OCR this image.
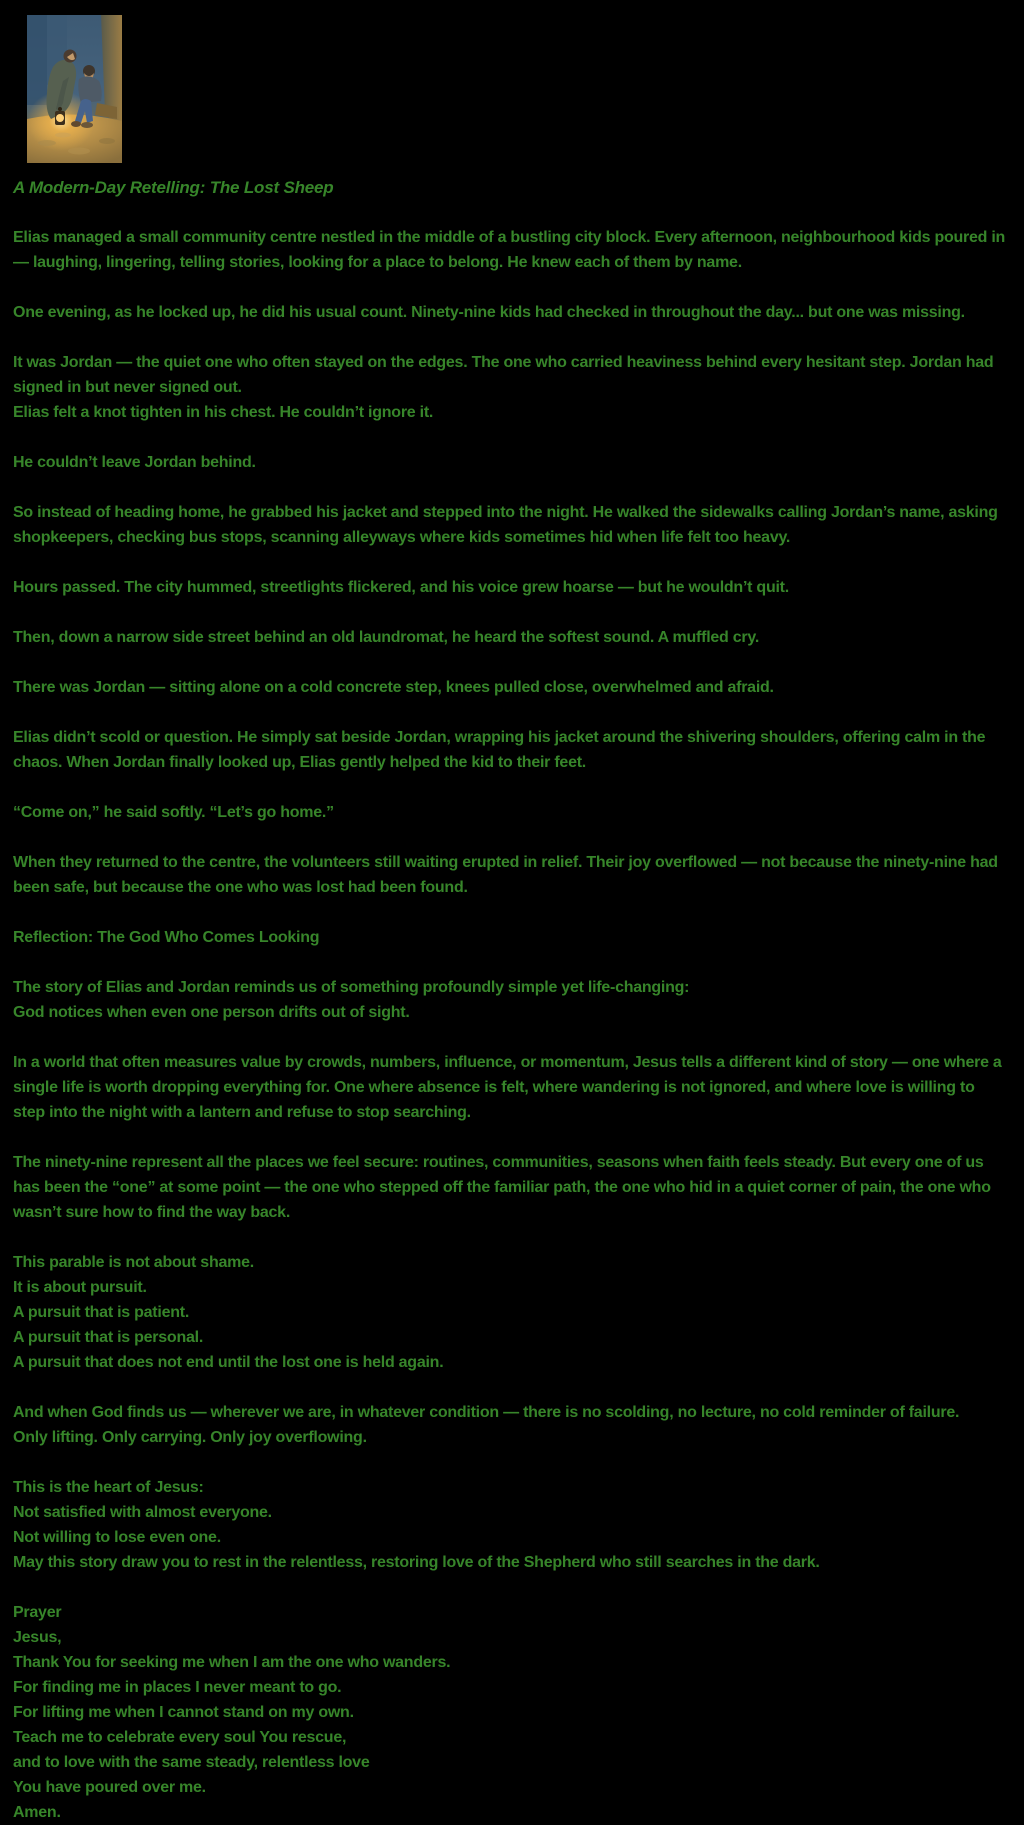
A Modern-Day Retelling: The Lost Sheep
Elias managed a small community centre nestled in the middle of a bustling city block. Every afternoon, neighbourhood kids poured in — laughing, lingering, telling stories, looking for a place to belong. He knew each of them by name.
One evening, as he locked up, he did his usual count. Ninety-nine kids had checked in throughout the day... but one was missing.
It was Jordan — the quiet one who often stayed on the edges. The one who carried heaviness behind every hesitant step. Jordan had signed in but never signed out.
Elias felt a knot tighten in his chest. He couldn’t ignore it.
He couldn’t leave Jordan behind.
So instead of heading home, he grabbed his jacket and stepped into the night. He walked the sidewalks calling Jordan’s name, asking shopkeepers, checking bus stops, scanning alleyways where kids sometimes hid when life felt too heavy.
Hours passed. The city hummed, streetlights flickered, and his voice grew hoarse — but he wouldn’t quit.
Then, down a narrow side street behind an old laundromat, he heard the softest sound. A muffled cry.
There was Jordan — sitting alone on a cold concrete step, knees pulled close, overwhelmed and afraid.
Elias didn’t scold or question. He simply sat beside Jordan, wrapping his jacket around the shivering shoulders, offering calm in the chaos. When Jordan finally looked up, Elias gently helped the kid to their feet.
“Come on,” he said softly. “Let’s go home.”
When they returned to the centre, the volunteers still waiting erupted in relief. Their joy overflowed — not because the ninety-nine had been safe, but because the one who was lost had been found.
Reflection: The God Who Comes Looking
The story of Elias and Jordan reminds us of something profoundly simple yet life-changing:
God notices when even one person drifts out of sight.
In a world that often measures value by crowds, numbers, influence, or momentum, Jesus tells a different kind of story — one where a single life is worth dropping everything for. One where absence is felt, where wandering is not ignored, and where love is willing to step into the night with a lantern and refuse to stop searching.
The ninety-nine represent all the places we feel secure: routines, communities, seasons when faith feels steady. But every one of us has been the “one” at some point — the one who stepped off the familiar path, the one who hid in a quiet corner of pain, the one who wasn’t sure how to find the way back.
This parable is not about shame.
It is about pursuit.
A pursuit that is patient.
A pursuit that is personal.
A pursuit that does not end until the lost one is held again.
And when God finds us — wherever we are, in whatever condition — there is no scolding, no lecture, no cold reminder of failure.
Only lifting. Only carrying. Only joy overflowing.
This is the heart of Jesus:
Not satisfied with almost everyone.
Not willing to lose even one.
May this story draw you to rest in the relentless, restoring love of the Shepherd who still searches in the dark.
Prayer
Jesus,
Thank You for seeking me when I am the one who wanders.
For finding me in places I never meant to go.
For lifting me when I cannot stand on my own.
Teach me to celebrate every soul You rescue,
and to love with the same steady, relentless love
You have poured over me.
Amen.
